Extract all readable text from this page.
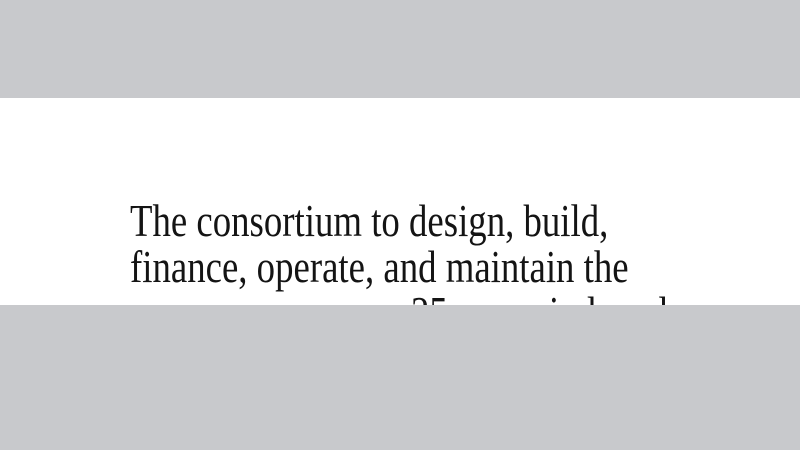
The consortium to design, build,
finance, operate, and maintain the
